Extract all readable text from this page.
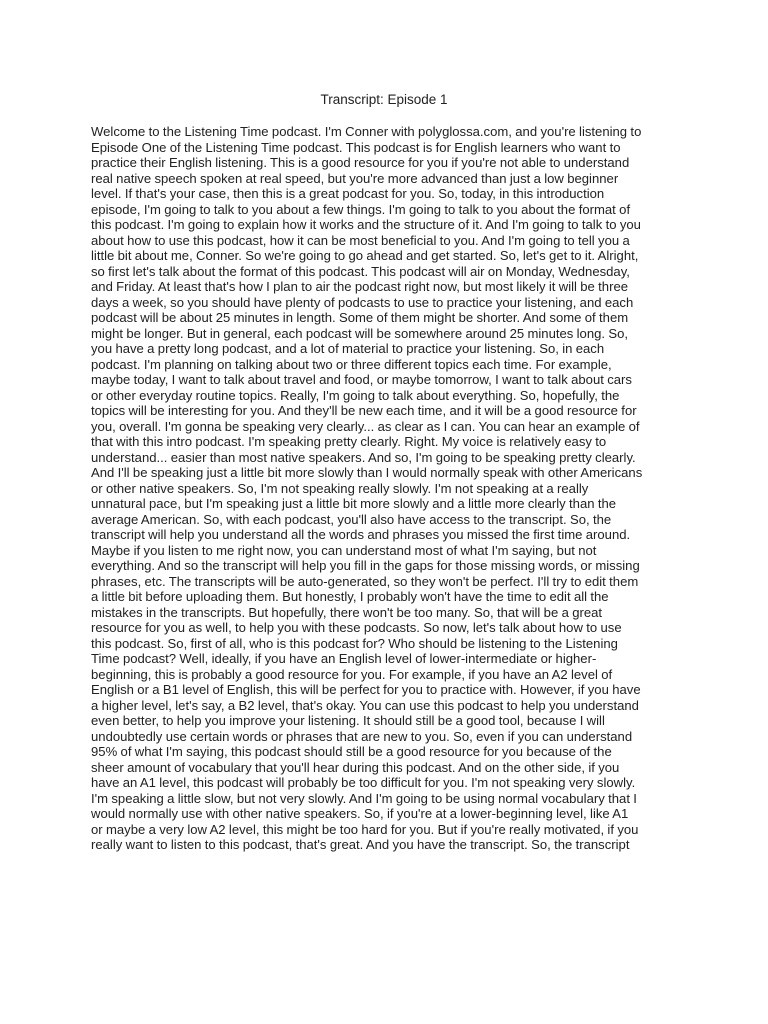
Transcript: Episode 1
Welcome to the Listening Time podcast. I'm Conner with polyglossa.com, and you're listening to
Episode One of the Listening Time podcast. This podcast is for English learners who want to
practice their English listening. This is a good resource for you if you're not able to understand
real native speech spoken at real speed, but you're more advanced than just a low beginner
level. If that's your case, then this is a great podcast for you. So, today, in this introduction
episode, I'm going to talk to you about a few things. I'm going to talk to you about the format of
this podcast. I'm going to explain how it works and the structure of it. And I'm going to talk to you
about how to use this podcast, how it can be most beneficial to you. And I'm going to tell you a
little bit about me, Conner. So we're going to go ahead and get started. So, let's get to it. Alright,
so first let's talk about the format of this podcast. This podcast will air on Monday, Wednesday,
and Friday. At least that's how I plan to air the podcast right now, but most likely it will be three
days a week, so you should have plenty of podcasts to use to practice your listening, and each
podcast will be about 25 minutes in length. Some of them might be shorter. And some of them
might be longer. But in general, each podcast will be somewhere around 25 minutes long. So,
you have a pretty long podcast, and a lot of material to practice your listening. So, in each
podcast. I'm planning on talking about two or three different topics each time. For example,
maybe today, I want to talk about travel and food, or maybe tomorrow, I want to talk about cars
or other everyday routine topics. Really, I'm going to talk about everything. So, hopefully, the
topics will be interesting for you. And they'll be new each time, and it will be a good resource for
you, overall. I'm gonna be speaking very clearly... as clear as I can. You can hear an example of
that with this intro podcast. I'm speaking pretty clearly. Right. My voice is relatively easy to
understand... easier than most native speakers. And so, I'm going to be speaking pretty clearly.
And I'll be speaking just a little bit more slowly than I would normally speak with other Americans
or other native speakers. So, I'm not speaking really slowly. I'm not speaking at a really
unnatural pace, but I'm speaking just a little bit more slowly and a little more clearly than the
average American. So, with each podcast, you'll also have access to the transcript. So, the
transcript will help you understand all the words and phrases you missed the first time around.
Maybe if you listen to me right now, you can understand most of what I'm saying, but not
everything. And so the transcript will help you fill in the gaps for those missing words, or missing
phrases, etc. The transcripts will be auto-generated, so they won't be perfect. I'll try to edit them
a little bit before uploading them. But honestly, I probably won't have the time to edit all the
mistakes in the transcripts. But hopefully, there won't be too many. So, that will be a great
resource for you as well, to help you with these podcasts. So now, let's talk about how to use
this podcast. So, first of all, who is this podcast for? Who should be listening to the Listening
Time podcast? Well, ideally, if you have an English level of lower-intermediate or higher-
beginning, this is probably a good resource for you. For example, if you have an A2 level of
English or a B1 level of English, this will be perfect for you to practice with. However, if you have
a higher level, let's say, a B2 level, that's okay. You can use this podcast to help you understand
even better, to help you improve your listening. It should still be a good tool, because I will
undoubtedly use certain words or phrases that are new to you. So, even if you can understand
95% of what I'm saying, this podcast should still be a good resource for you because of the
sheer amount of vocabulary that you'll hear during this podcast. And on the other side, if you
have an A1 level, this podcast will probably be too difficult for you. I'm not speaking very slowly.
I'm speaking a little slow, but not very slowly. And I'm going to be using normal vocabulary that I
would normally use with other native speakers. So, if you're at a lower-beginning level, like A1
or maybe a very low A2 level, this might be too hard for you. But if you're really motivated, if you
really want to listen to this podcast, that's great. And you have the transcript. So, the transcript
